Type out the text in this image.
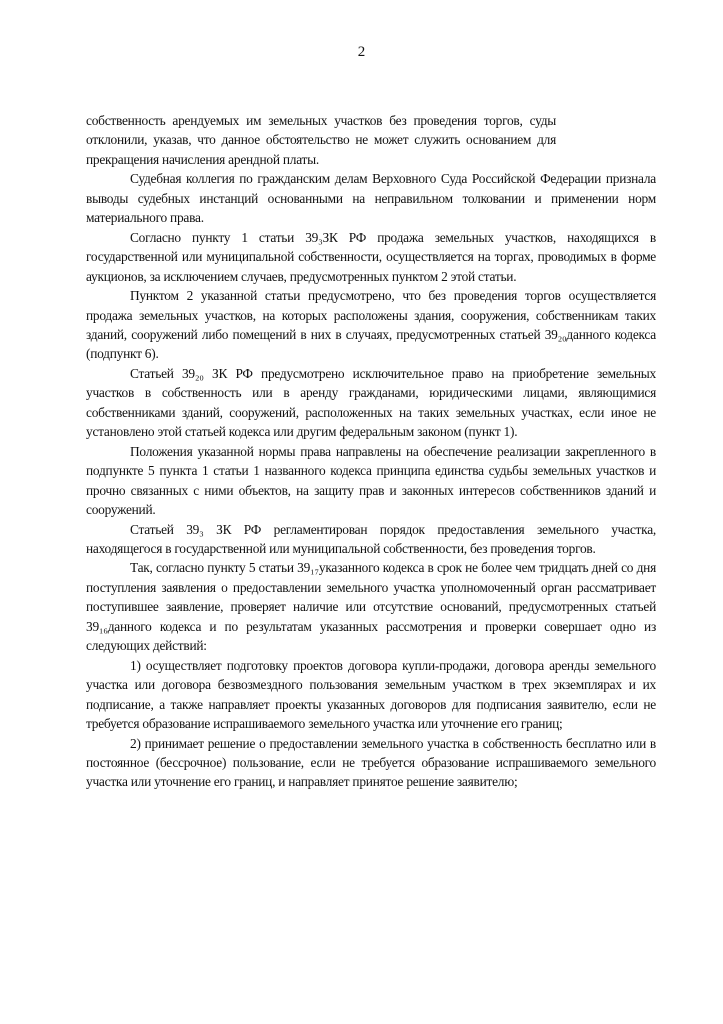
2

собственность арендуемых им земельных участков без проведения торгов, суды отклонили, указав, что данное обстоятельство не может служить основанием для прекращения начисления арендной платы.

Судебная коллегия по гражданским делам Верховного Суда Российской Федерации признала выводы судебных инстанций основанными на неправильном толковании и применении норм материального права.

Согласно пункту 1 статьи 39₃ЗК РФ продажа земельных участков, находящихся в государственной или муниципальной собственности, осуществляется на торгах, проводимых в форме аукционов, за исключением случаев, предусмотренных пунктом 2 этой статьи.

Пунктом 2 указанной статьи предусмотрено, что без проведения торгов осуществляется продажа земельных участков, на которых расположены здания, сооружения, собственникам таких зданий, сооружений либо помещений в них в случаях, предусмотренных статьей 39₂₀данного кодекса (подпункт 6).

Статьей 39₂₀ ЗК РФ предусмотрено исключительное право на приобретение земельных участков в собственность или в аренду гражданами, юридическими лицами, являющимися собственниками зданий, сооружений, расположенных на таких земельных участках, если иное не установлено этой статьей кодекса или другим федеральным законом (пункт 1).

Положения указанной нормы права направлены на обеспечение реализации закрепленного в подпункте 5 пункта 1 статьи 1 названного кодекса принципа единства судьбы земельных участков и прочно связанных с ними объектов, на защиту прав и законных интересов собственников зданий и сооружений.

Статьей 39₃ ЗК РФ регламентирован порядок предоставления земельного участка, находящегося в государственной или муниципальной собственности, без проведения торгов.

Так, согласно пункту 5 статьи 39₁₇указанного кодекса в срок не более чем тридцать дней со дня поступления заявления о предоставлении земельного участка уполномоченный орган рассматривает поступившее заявление, проверяет наличие или отсутствие оснований, предусмотренных статьей 39₁₆данного кодекса и по результатам указанных рассмотрения и проверки совершает одно из следующих действий:

1) осуществляет подготовку проектов договора купли-продажи, договора аренды земельного участка или договора безвозмездного пользования земельным участком в трех экземплярах и их подписание, а также направляет проекты указанных договоров для подписания заявителю, если не требуется образование испрашиваемого земельного участка или уточнение его границ;

2) принимает решение о предоставлении земельного участка в собственность бесплатно или в постоянное (бессрочное) пользование, если не требуется образование испрашиваемого земельного участка или уточнение его границ, и направляет принятое решение заявителю;
